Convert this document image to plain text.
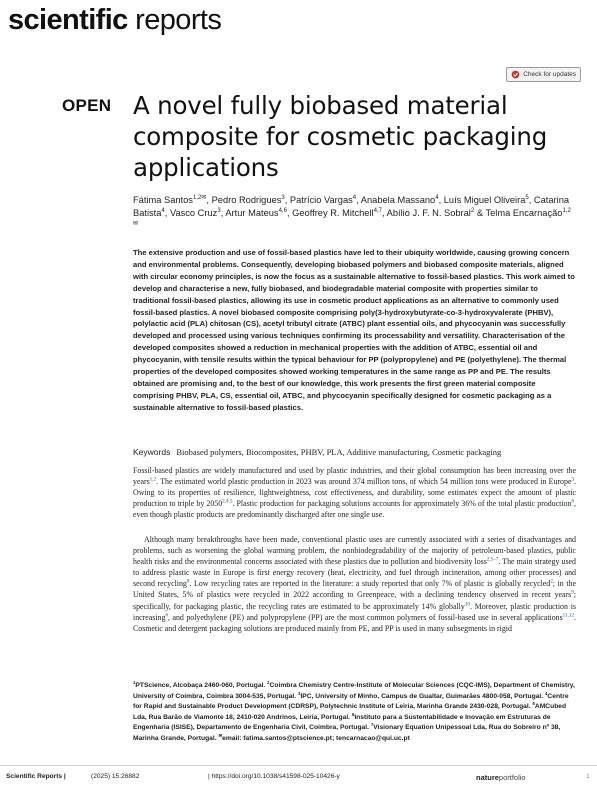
scientific reports
Check for updates
OPEN A novel fully biobased material composite for cosmetic packaging applications
Fátima Santos$^{1,2✉}$, Pedro Rodrigues$^3$, Patrício Vargas$^4$, Anabela Massano$^4$, Luís Miguel Oliveira$^5$, Catarina Batista$^4$, Vasco Cruz$^3$, Artur Mateus$^{4,6}$, Geoffrey R. Mitchell$^{4,7}$, Abílio J. F. N. Sobral$^2$ & Telma Encarnação$^{1,2✉}$

The extensive production and use of fossil-based plastics have led to their ubiquity worldwide, causing growing concern and environmental problems. Consequently, developing biobased polymers and biobased composite materials, aligned with circular economy principles, is now the focus as a sustainable alternative to fossil-based plastics. This work aimed to develop and characterise a new, fully biobased, and biodegradable material composite with properties similar to traditional fossil-based plastics, allowing its use in cosmetic product applications as an alternative to commonly used fossil-based plastics. A novel biobased composite comprising poly(3-hydroxybutyrate-co-3-hydroxyvalerate (PHBV), polylactic acid (PLA) chitosan (CS), acetyl tributyl citrate (ATBC) plant essential oils, and phycocyanin was successfully developed and processed using various techniques confirming its processability and versatility. Characterisation of the developed composites showed a reduction in mechanical properties with the addition of ATBC, essential oil and phycocyanin, with tensile results within the typical behaviour for PP (polypropylene) and PE (polyethylene). The thermal properties of the developed composites showed working temperatures in the same range as PP and PE. The results obtained are promising and, to the best of our knowledge, this work presents the first green material composite comprising PHBV, PLA, CS, essential oil, ATBC, and phycocyanin specifically designed for cosmetic packaging as a sustainable alternative to fossil-based plastics.

Keywords Biobased polymers, Biocomposites, PHBV, PLA, Additive manufacturing, Cosmetic packaging

Fossil-based plastics are widely manufactured and used by plastic industries, and their global consumption has been increasing over the years$^{1,2}$. The estimated world plastic production in 2023 was around 374 million tons, of which 54 million tons were produced in Europe$^3$. Owing to its properties of resilience, lightweightness, cost effectiveness, and durability, some estimates expect the amount of plastic production to triple by 2050$^{2,4,5}$. Plastic production for packaging solutions accounts for approximately 36% of the total plastic production$^6$, even though plastic products are predominantly discharged after one single use.

Although many breakthroughs have been made, conventional plastic uses are currently associated with a series of disadvantages and problems, such as worsening the global warming problem, the nonbiodegradability of the majority of petroleum-based plastics, public health risks and the environmental concerns associated with these plastics due to pollution and biodiversity loss$^{2,5-7}$. The main strategy used to address plastic waste in Europe is first energy recovery (heat, electricity, and fuel through incineration, among other processes) and second recycling$^8$. Low recycling rates are reported in the literature: a study reported that only 7% of plastic is globally recycled$^2$; in the United States, 5% of plastics were recycled in 2022 according to Greenpeace, with a declining tendency observed in recent years$^9$; specifically, for packaging plastic, the recycling rates are estimated to be approximately 14% globally$^{10}$. Moreover, plastic production is increasing$^6$, and polyethylene (PE) and polypropylene (PP) are the most common polymers of fossil-based use in several applications$^{11,12}$. Cosmetic and detergent packaging solutions are produced mainly from PE, and PP is used in many subsegments in rigid

$^1$PTScience, Alcobaça 2460-060, Portugal. $^2$Coimbra Chemistry Centre-Institute of Molecular Sciences (CQC-IMS), Department of Chemistry, University of Coimbra, Coimbra 3004-535, Portugal. $^3$IPC, University of Minho, Campus de Gualtar, Guimarães 4800-058, Portugal. $^4$Centre for Rapid and Sustainable Product Development (CDRSP), Polytechnic Institute of Leiria, Marinha Grande 2430-028, Portugal. $^5$AMCubed Lda, Rua Barão de Viamonte 18, 2410-020 Andrinos, Leiria, Portugal. $^6$Instituto para a Sustentabilidade e Inovação em Estruturas de Engenharia (ISISE), Departamento de Engenharia Civil, Coimbra, Portugal. $^7$Visionary Equation Unipessoal Lda, Rua do Sobreiro nº 38, Marinha Grande, Portugal. ✉email: fatima.santos@ptscience.pt; tencarnacao@qui.uc.pt

Scientific Reports |	(2025) 15:26882	| https://doi.org/10.1038/s41598-025-10426-y	natureportfolio	1
